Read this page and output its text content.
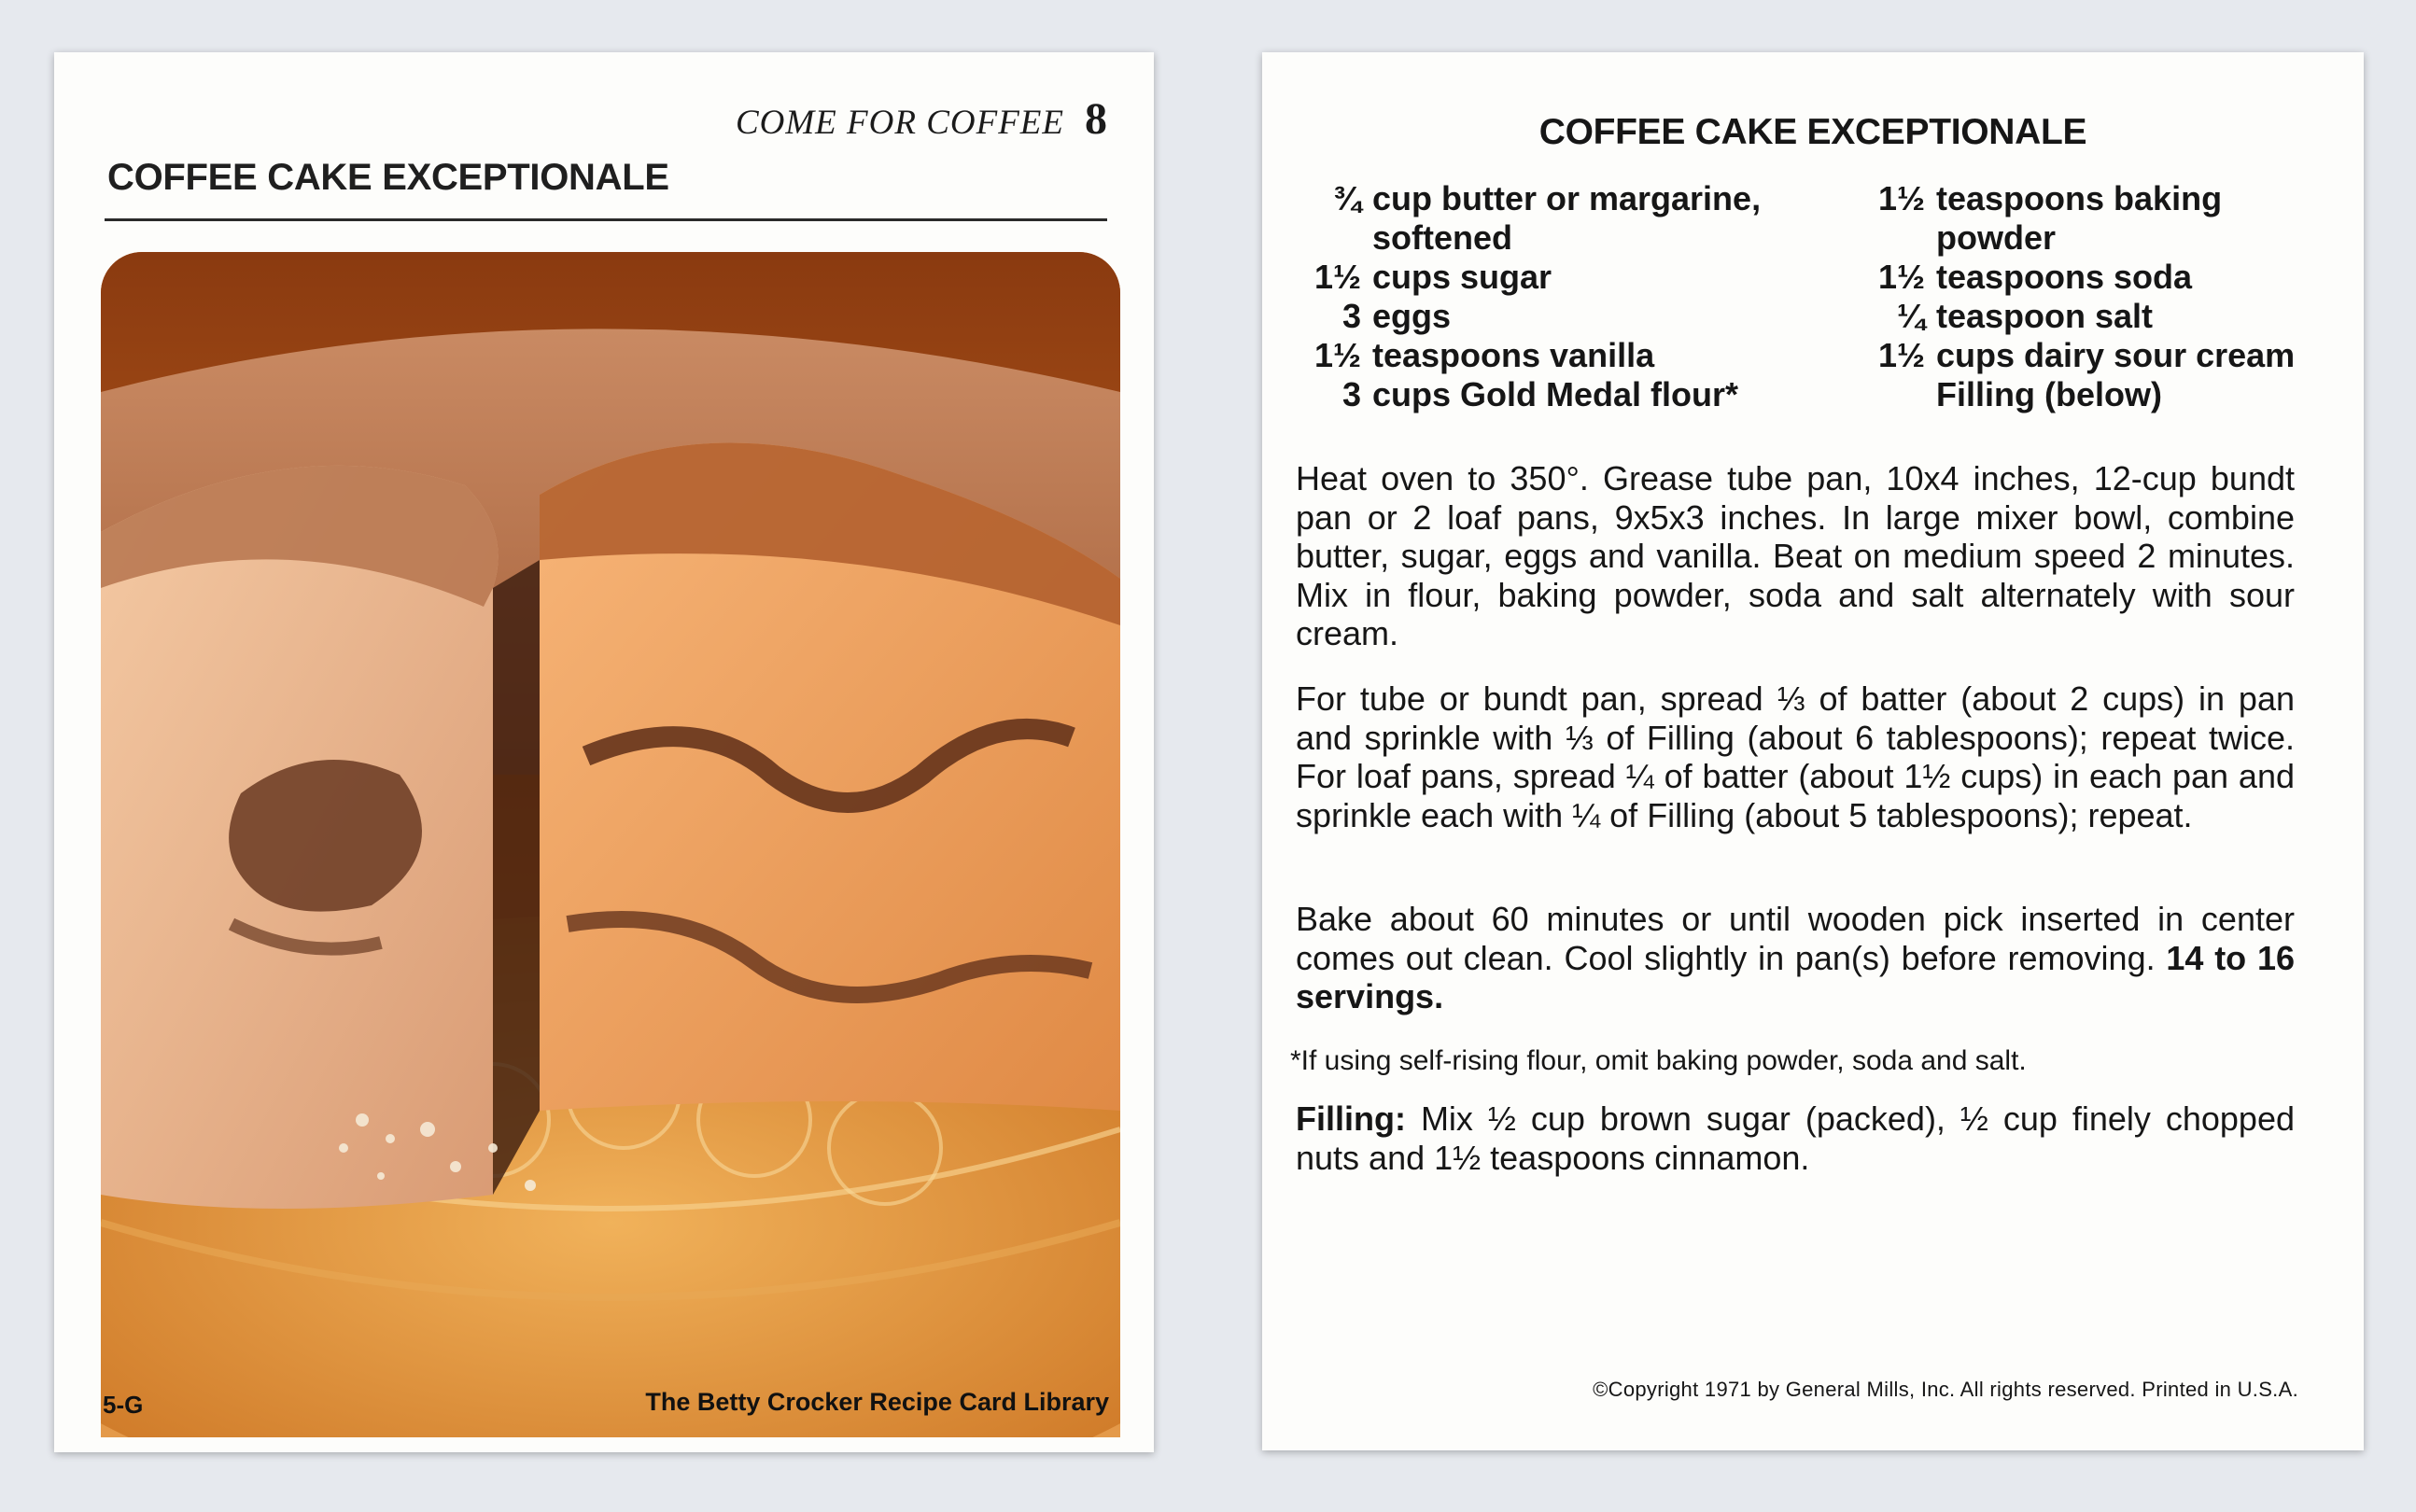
COME FOR COFFEE 8
COFFEE CAKE EXCEPTIONALE
5-G	The Betty Crocker Recipe Card Library
COFFEE CAKE EXCEPTIONALE
¾ cup butter or margarine,
softened
1½ cups sugar
3 eggs
1½ teaspoons vanilla
3 cups Gold Medal flour*
1½ teaspoons baking
powder
1½ teaspoons soda
¼ teaspoon salt
1½ cups dairy sour cream
Filling (below)
Heat oven to 350°. Grease tube pan, 10x4 inches, 12-cup bundt pan or 2 loaf pans, 9x5x3 inches. In large mixer bowl, combine butter, sugar, eggs and vanilla. Beat on medium speed 2 minutes. Mix in flour, baking powder, soda and salt alternately with sour cream.
For tube or bundt pan, spread ⅓ of batter (about 2 cups) in pan and sprinkle with ⅓ of Filling (about 6 tablespoons); repeat twice. For loaf pans, spread ¼ of batter (about 1½ cups) in each pan and sprinkle each with ¼ of Filling (about 5 tablespoons); repeat.
Bake about 60 minutes or until wooden pick inserted in center comes out clean. Cool slightly in pan(s) before removing. 14 to 16 servings.
*If using self-rising flour, omit baking powder, soda and salt.
Filling: Mix ½ cup brown sugar (packed), ½ cup finely chopped nuts and 1½ teaspoons cinnamon.
©Copyright 1971 by General Mills, Inc. All rights reserved. Printed in U.S.A.
